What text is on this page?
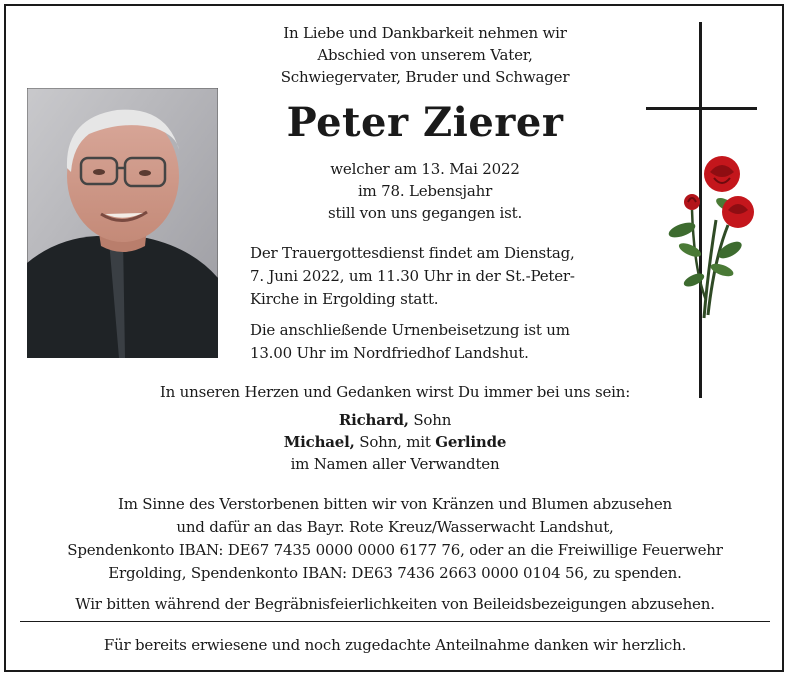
In Liebe und Dankbarkeit nehmen wir
Abschied von unserem Vater,
Schwiegervater, Bruder und Schwager
Peter Zierer
welcher am 13. Mai 2022
im 78. Lebensjahr
still von uns gegangen ist.
Der Trauergottesdienst findet am Dienstag,
7. Juni 2022, um 11.30 Uhr in der St.-Peter-
Kirche in Ergolding statt.
Die anschließende Urnenbeisetzung ist um
13.00 Uhr im Nordfriedhof Landshut.
In unseren Herzen und Gedanken wirst Du immer bei uns sein:
Richard, Sohn
Michael, Sohn, mit Gerlinde
im Namen aller Verwandten
Im Sinne des Verstorbenen bitten wir von Kränzen und Blumen abzusehen
und dafür an das Bayr. Rote Kreuz/Wasserwacht Landshut,
Spendenkonto IBAN: DE67 7435 0000 0000 6177 76, oder an die Freiwillige Feuerwehr
Ergolding, Spendenkonto IBAN: DE63 7436 2663 0000 0104 56, zu spenden.
Wir bitten während der Begräbnisfeierlichkeiten von Beileidsbezeigungen abzusehen.
Für bereits erwiesene und noch zugedachte Anteilnahme danken wir herzlich.
